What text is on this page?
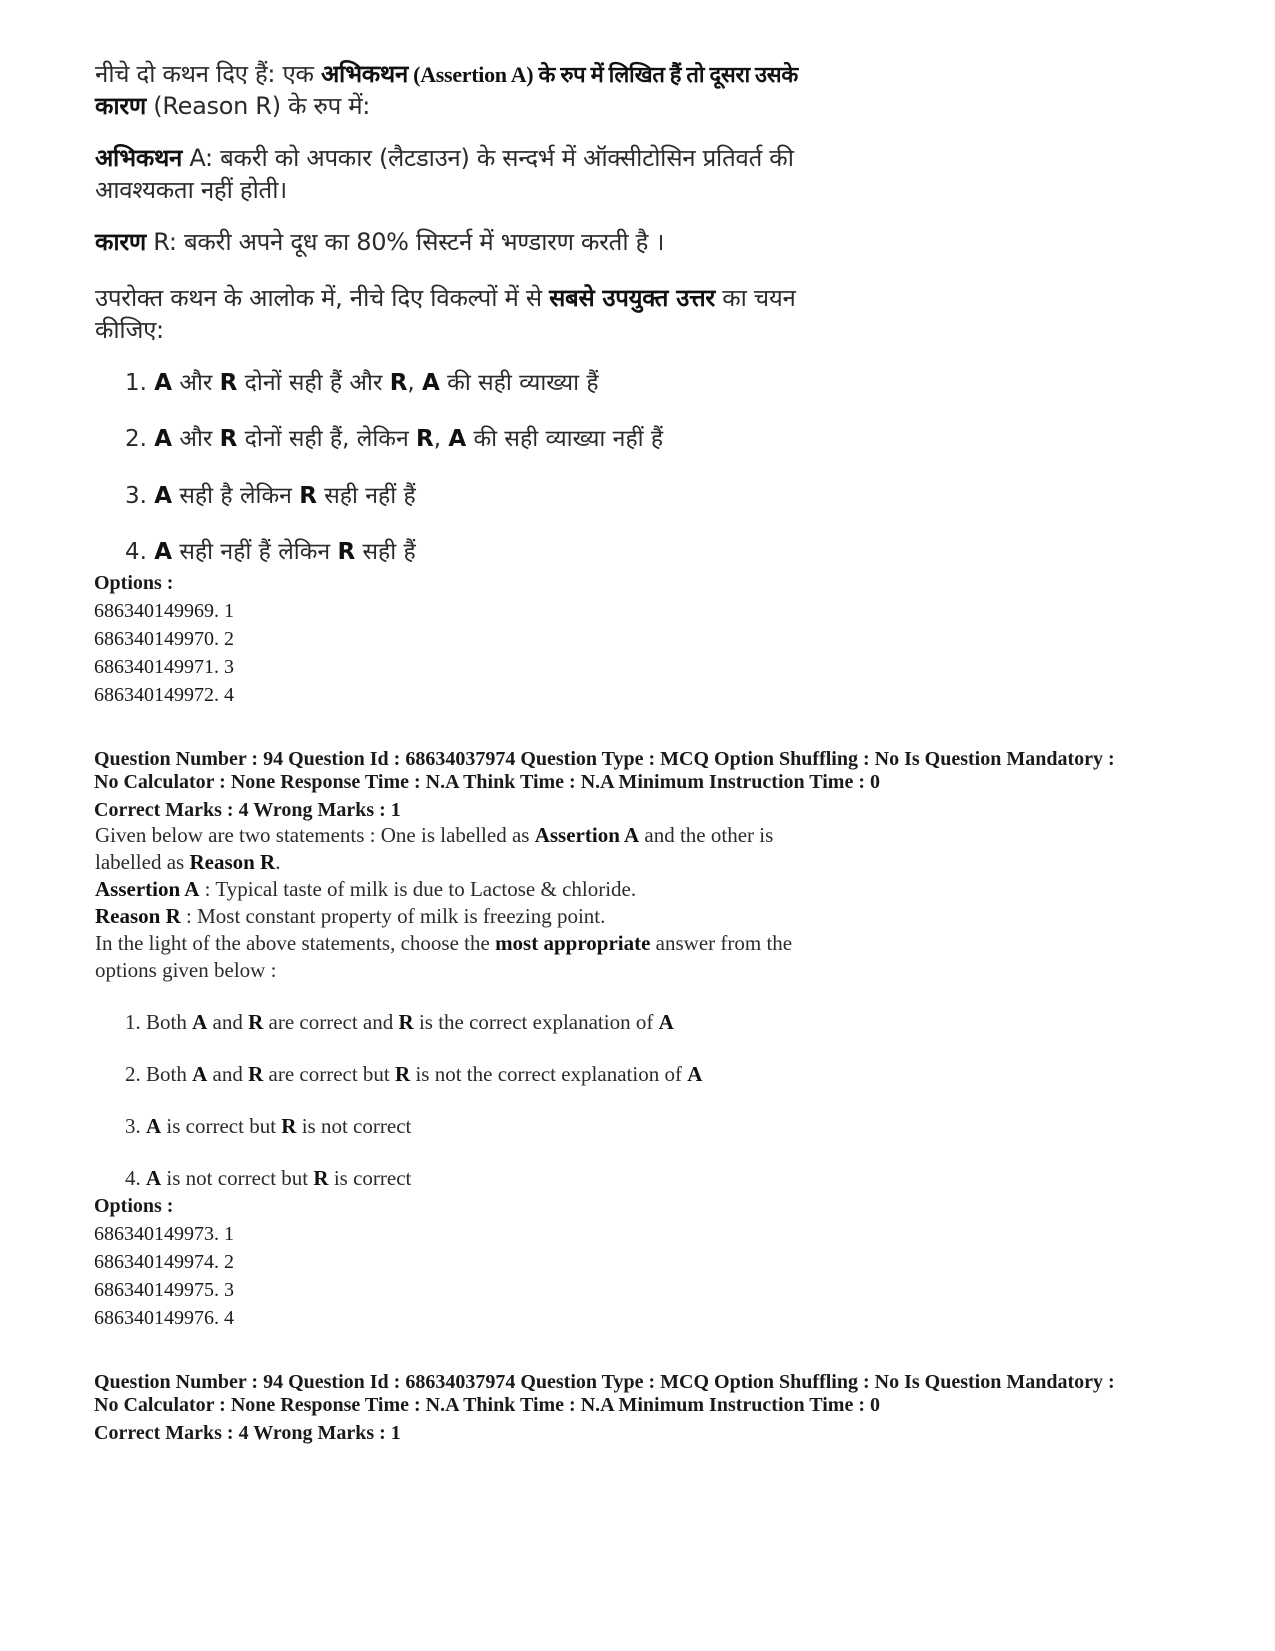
नीचे दो कथन दिए हैं: एक अभिकथन (Assertion A) के रुप में लिखित हैं तो दूसरा उसके
कारण (Reason R) के रुप में:
अभिकथन A: बकरी को अपकार (लैटडाउन) के सन्दर्भ में ऑक्सीटोसिन प्रतिवर्त की
आवश्यकता नहीं होती।
कारण R: बकरी अपने दूध का 80% सिस्टर्न में भण्डारण करती है ।
उपरोक्त कथन के आलोक में, नीचे दिए विकल्पों में से सबसे उपयुक्त उत्तर का चयन
कीजिए:
1. A और R दोनों सही हैं और R, A की सही व्याख्या हैं
2. A और R दोनों सही हैं, लेकिन R, A की सही व्याख्या नहीं हैं
3. A सही है लेकिन R सही नहीं हैं
4. A सही नहीं हैं लेकिन R सही हैं
Options :
686340149969. 1
686340149970. 2
686340149971. 3
686340149972. 4
Question Number : 94 Question Id : 68634037974 Question Type : MCQ Option Shuffling : No Is Question Mandatory :
No Calculator : None Response Time : N.A Think Time : N.A Minimum Instruction Time : 0
Correct Marks : 4 Wrong Marks : 1
Given below are two statements : One is labelled as Assertion A and the other is
labelled as Reason R.
Assertion A : Typical taste of milk is due to Lactose & chloride.
Reason R : Most constant property of milk is freezing point.
In the light of the above statements, choose the most appropriate answer from the
options given below :
1. Both A and R are correct and R is the correct explanation of A
2. Both A and R are correct but R is not the correct explanation of A
3. A is correct but R is not correct
4. A is not correct but R is correct
Options :
686340149973. 1
686340149974. 2
686340149975. 3
686340149976. 4
Question Number : 94 Question Id : 68634037974 Question Type : MCQ Option Shuffling : No Is Question Mandatory :
No Calculator : None Response Time : N.A Think Time : N.A Minimum Instruction Time : 0
Correct Marks : 4 Wrong Marks : 1
